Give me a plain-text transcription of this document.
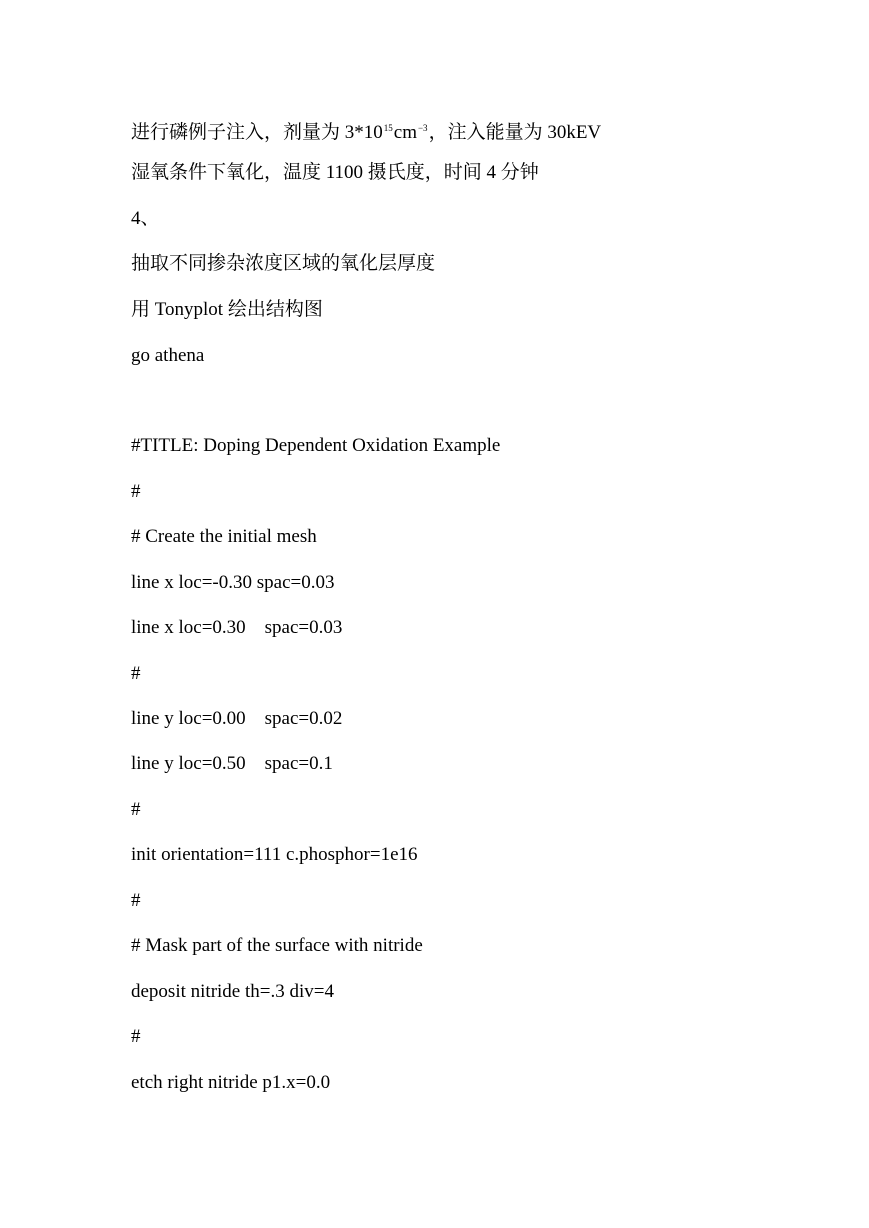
进行磷例子注入，剂量为 $3*10^{15}cm^{-3}$，注入能量为 30kEV
湿氧条件下氧化，温度 1100 摄氏度，时间 4 分钟
4、
抽取不同掺杂浓度区域的氧化层厚度
用 Tonyplot 绘出结构图
go athena
#TITLE: Doping Dependent Oxidation Example
#
# Create the initial mesh
line x loc=-0.30 spac=0.03
line x loc=0.30    spac=0.03
#
line y loc=0.00    spac=0.02
line y loc=0.50    spac=0.1
#
init orientation=111 c.phosphor=1e16
#
# Mask part of the surface with nitride
deposit nitride th=.3 div=4
#
etch right nitride p1.x=0.0
